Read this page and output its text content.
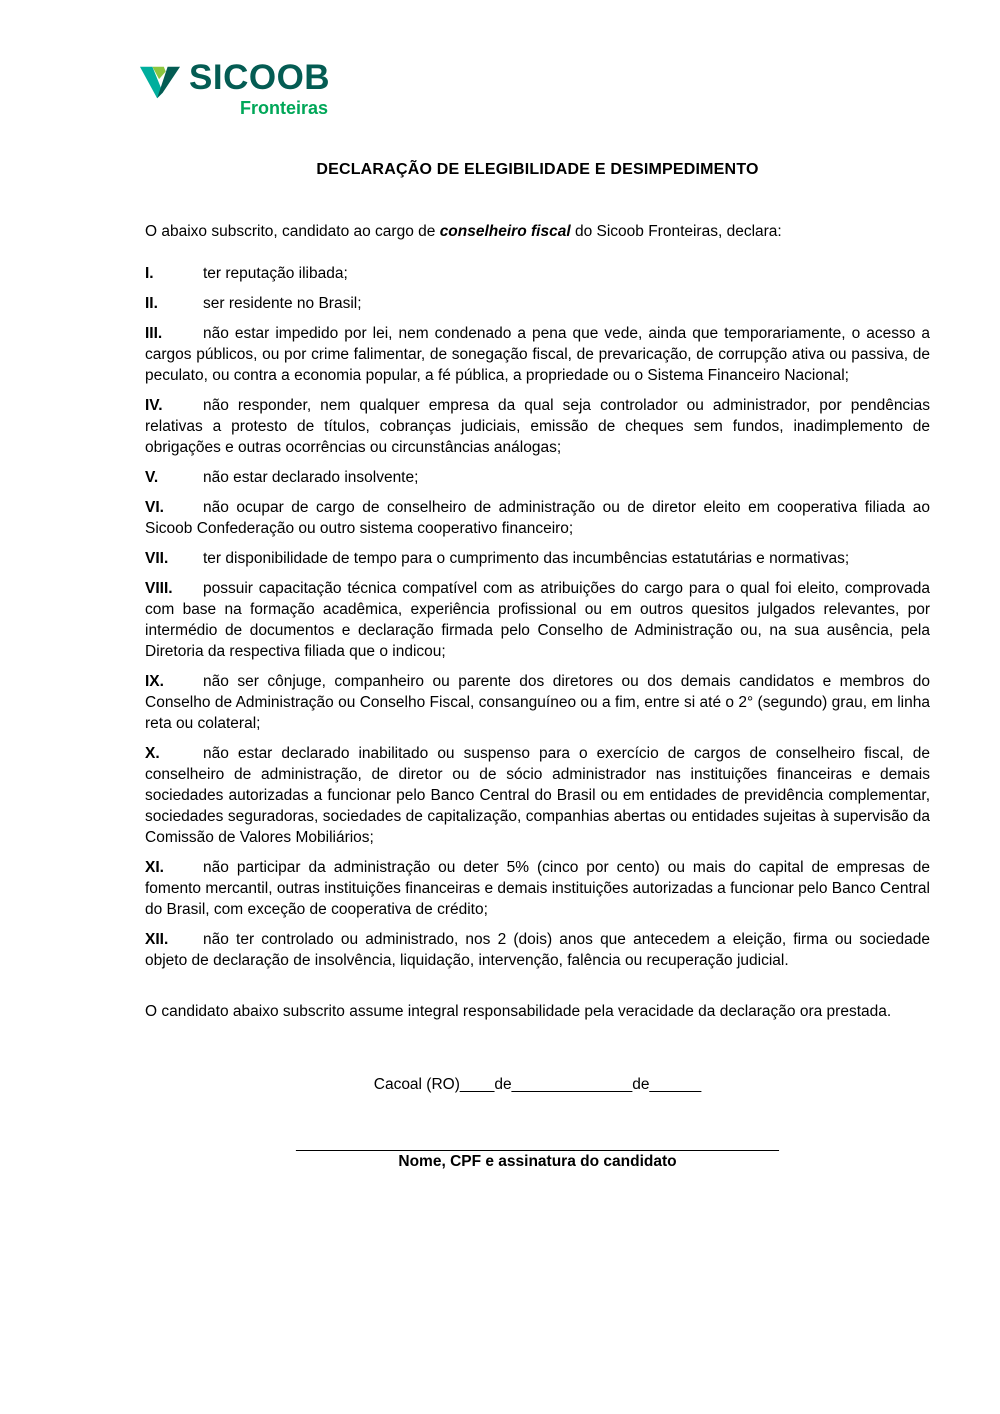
SICOOB
Fronteiras
DECLARAÇÃO DE ELEGIBILIDADE E DESIMPEDIMENTO

O abaixo subscrito, candidato ao cargo de conselheiro fiscal do Sicoob Fronteiras, declara:

I.	ter reputação ilibada;

II.	ser residente no Brasil;

III.	não estar impedido por lei, nem condenado a pena que vede, ainda que temporariamente, o acesso a cargos públicos, ou por crime falimentar, de sonegação fiscal, de prevaricação, de corrupção ativa ou passiva, de peculato, ou contra a economia popular, a fé pública, a propriedade ou o Sistema Financeiro Nacional;

IV.	não responder, nem qualquer empresa da qual seja controlador ou administrador, por pendências relativas a protesto de títulos, cobranças judiciais, emissão de cheques sem fundos, inadimplemento de obrigações e outras ocorrências ou circunstâncias análogas;

V.	não estar declarado insolvente;

VI.	não ocupar de cargo de conselheiro de administração ou de diretor eleito em cooperativa filiada ao Sicoob Confederação ou outro sistema cooperativo financeiro;

VII. ter disponibilidade de tempo para o cumprimento das incumbências estatutárias e normativas;

VIII. possuir capacitação técnica compatível com as atribuições do cargo para o qual foi eleito, comprovada com base na formação acadêmica, experiência profissional ou em outros quesitos julgados relevantes, por intermédio de documentos e declaração firmada pelo Conselho de Administração ou, na sua ausência, pela Diretoria da respectiva filiada que o indicou;

IX.	não ser cônjuge, companheiro ou parente dos diretores ou dos demais candidatos e membros do Conselho de Administração ou Conselho Fiscal, consanguíneo ou a fim, entre si até o 2° (segundo) grau, em linha reta ou colateral;

X.	não estar declarado inabilitado ou suspenso para o exercício de cargos de conselheiro fiscal, de conselheiro de administração, de diretor ou de sócio administrador nas instituições financeiras e demais sociedades autorizadas a funcionar pelo Banco Central do Brasil ou em entidades de previdência complementar, sociedades seguradoras, sociedades de capitalização, companhias abertas ou entidades sujeitas à supervisão da Comissão de Valores Mobiliários;

XI.	não participar da administração ou deter 5% (cinco por cento) ou mais do capital de empresas de fomento mercantil, outras instituições financeiras e demais instituições autorizadas a funcionar pelo Banco Central do Brasil, com exceção de cooperativa de crédito;

XII. não ter controlado ou administrado, nos 2 (dois) anos que antecedem a eleição, firma ou sociedade objeto de declaração de insolvência, liquidação, intervenção, falência ou recuperação judicial.

O candidato abaixo subscrito assume integral responsabilidade pela veracidade da declaração ora prestada.

Cacoal (RO)____de______________de______

________________________________________________________
Nome, CPF e assinatura do candidato
